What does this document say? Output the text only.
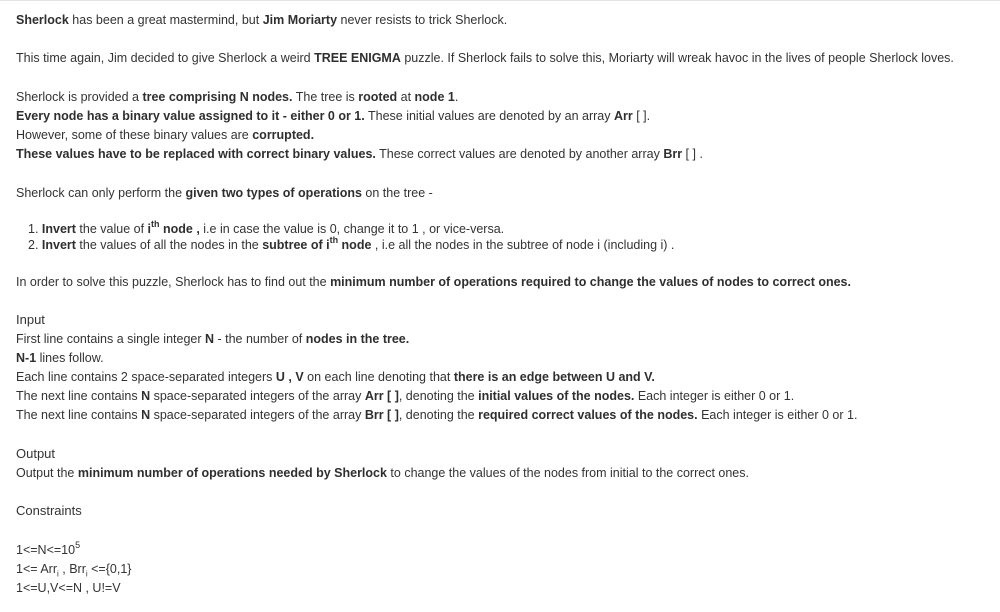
Sherlock has been a great mastermind, but Jim Moriarty never resists to trick Sherlock.
This time again, Jim decided to give Sherlock a weird TREE ENIGMA puzzle. If Sherlock fails to solve this, Moriarty will wreak havoc in the lives of people Sherlock loves.
Sherlock is provided a tree comprising N nodes. The tree is rooted at node 1.
Every node has a binary value assigned to it - either 0 or 1. These initial values are denoted by an array Arr [ ].
However, some of these binary values are corrupted.
These values have to be replaced with correct binary values. These correct values are denoted by another array Brr [ ] .
Sherlock can only perform the given two types of operations on the tree -
1. Invert the value of $i^{th}$ node , i.e in case the value is 0, change it to 1 , or vice-versa.
2. Invert the values of all the nodes in the subtree of $i^{th}$ node , i.e all the nodes in the subtree of node i (including i) .
In order to solve this puzzle, Sherlock has to find out the minimum number of operations required to change the values of nodes to correct ones.
Input
First line contains a single integer N - the number of nodes in the tree.
N-1 lines follow.
Each line contains 2 space-separated integers U , V on each line denoting that there is an edge between U and V.
The next line contains N space-separated integers of the array Arr [ ], denoting the initial values of the nodes. Each integer is either 0 or 1.
The next line contains N space-separated integers of the array Brr [ ], denoting the required correct values of the nodes. Each integer is either 0 or 1.
Output
Output the minimum number of operations needed by Sherlock to change the values of the nodes from initial to the correct ones.
Constraints
$1<=N<=10^5$
1<= Arr$_i$ , Brr$_i$ <={0,1}
1<=U,V<=N , U!=V
